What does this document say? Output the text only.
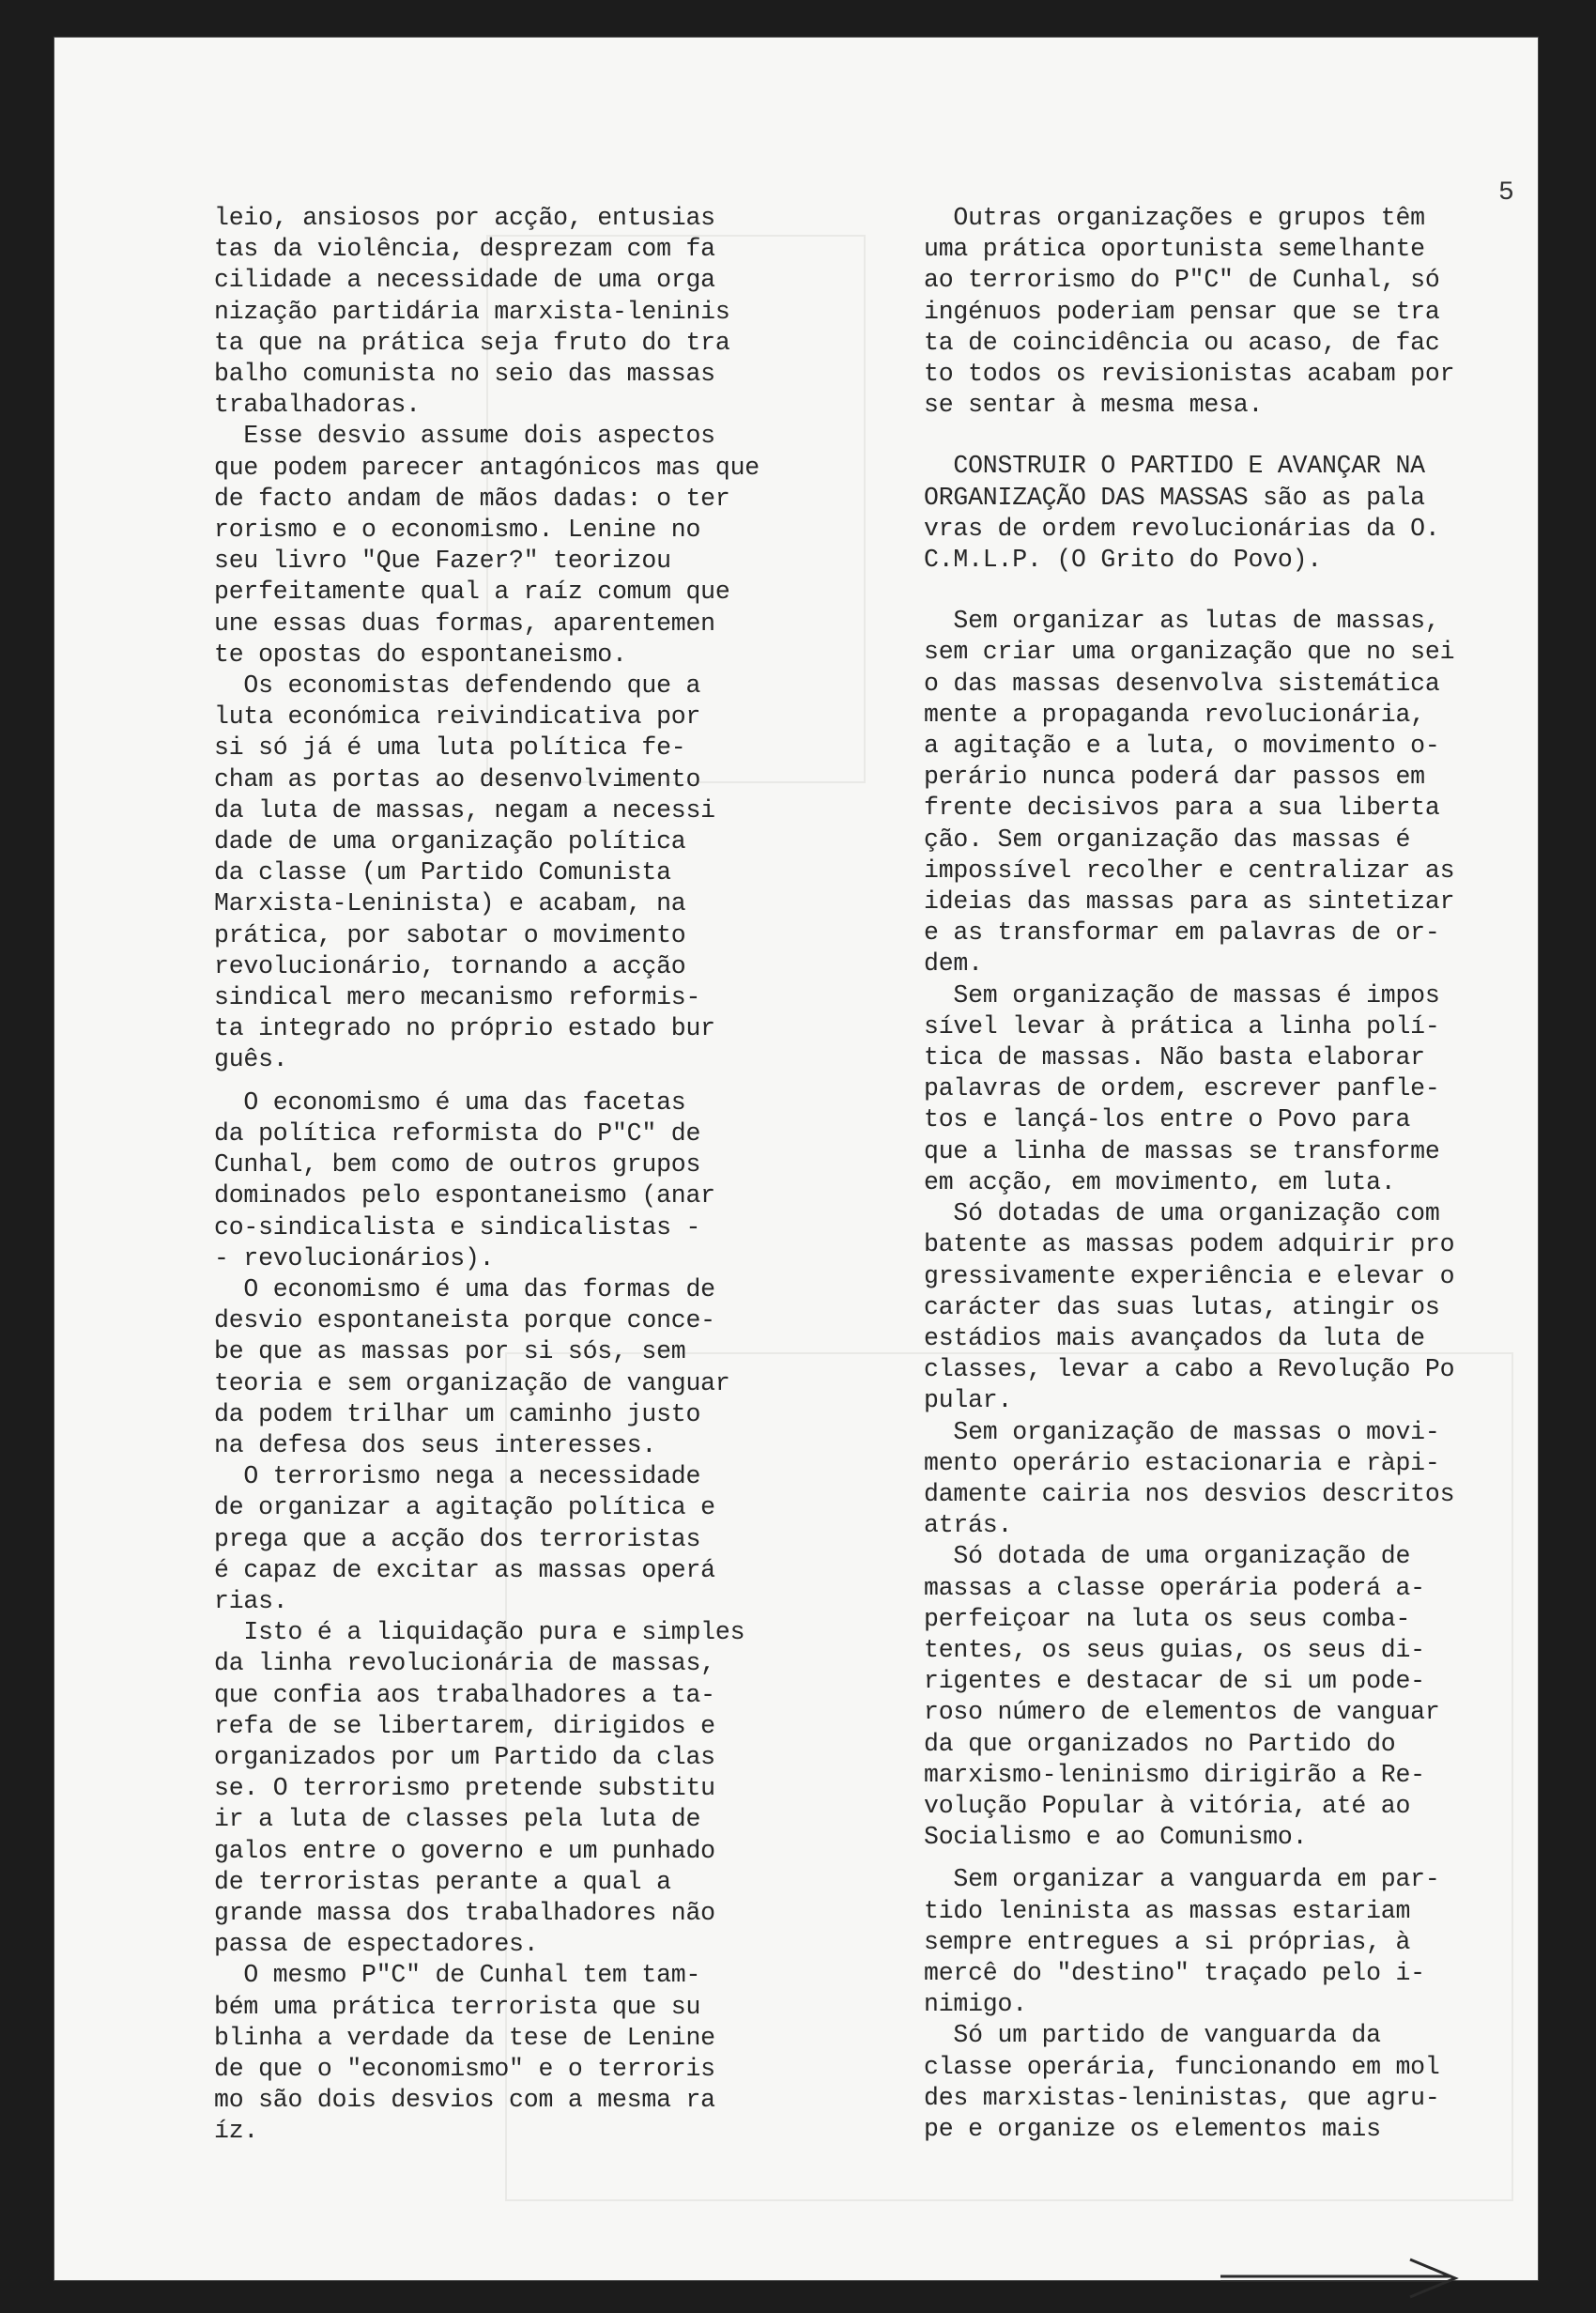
5

leio, ansiosos por acção, entusias

tas da violência, desprezam com fa

cilidade a necessidade de uma orga

nização partidária marxista-leninis

ta que na prática seja fruto do tra

balho comunista no seio das massas

trabalhadoras.

Esse desvio assume dois aspectos

que podem parecer antagónicos mas que

de facto andam de mãos dadas: o ter

rorismo e o economismo. Lenine no

seu livro "Que Fazer?" teorizou

perfeitamente qual a raíz comum que

une essas duas formas, aparentemen

te opostas do espontaneismo.

Os economistas defendendo que a

luta económica reivindicativa por

si só já é uma luta política fe-

cham as portas ao desenvolvimento

da luta de massas, negam a necessi

dade de uma organização política

da classe (um Partido Comunista

Marxista-Leninista) e acabam, na

prática, por sabotar o movimento

revolucionário, tornando a acção

sindical mero mecanismo reformis-

ta integrado no próprio estado bur

guês.

O economismo é uma das facetas

da política reformista do P"C" de

Cunhal, bem como de outros grupos

dominados pelo espontaneismo (anar

co-sindicalista e sindicalistas -

- revolucionários).

O economismo é uma das formas de

desvio espontaneista porque conce-

be que as massas por si sós, sem

teoria e sem organização de vanguar

da podem trilhar um caminho justo

na defesa dos seus interesses.

O terrorismo nega a necessidade

de organizar a agitação política e

prega que a acção dos terroristas

é capaz de excitar as massas operá

rias.

Isto é a liquidação pura e simples

da linha revolucionária de massas,

que confia aos trabalhadores a ta-

refa de se libertarem, dirigidos e

organizados por um Partido da clas

se. O terrorismo pretende substitu

ir a luta de classes pela luta de

galos entre o governo e um punhado

de terroristas perante a qual a

grande massa dos trabalhadores não

passa de espectadores.

O mesmo P"C" de Cunhal tem tam-

bém uma prática terrorista que su

blinha a verdade da tese de Lenine

de que o "economismo" e o terroris

mo são dois desvios com a mesma ra

íz.

Outras organizações e grupos têm

uma prática oportunista semelhante

ao terrorismo do P"C" de Cunhal, só

ingénuos poderiam pensar que se tra

ta de coincidência ou acaso, de fac

to todos os revisionistas acabam por

se sentar à mesma mesa.

CONSTRUIR O PARTIDO E AVANÇAR NA

ORGANIZAÇÃO DAS MASSAS são as pala

vras de ordem revolucionárias da O.

C.M.L.P. (O Grito do Povo).

Sem organizar as lutas de massas,

sem criar uma organização que no sei

o das massas desenvolva sistemática

mente a propaganda revolucionária,

a agitação e a luta, o movimento o-

perário nunca poderá dar passos em

frente decisivos para a sua liberta

ção. Sem organização das massas é

impossível recolher e centralizar as

ideias das massas para as sintetizar

e as transformar em palavras de or-

dem.

Sem organização de massas é impos

sível levar à prática a linha polí-

tica de massas. Não basta elaborar

palavras de ordem, escrever panfle-

tos e lançá-los entre o Povo para

que a linha de massas se transforme

em acção, em movimento, em luta.

Só dotadas de uma organização com

batente as massas podem adquirir pro

gressivamente experiência e elevar o

carácter das suas lutas, atingir os

estádios mais avançados da luta de

classes, levar a cabo a Revolução Po

pular.

Sem organização de massas o movi-

mento operário estacionaria e ràpi-

damente cairia nos desvios descritos

atrás.

Só dotada de uma organização de

massas a classe operária poderá a-

perfeiçoar na luta os seus comba-

tentes, os seus guias, os seus di-

rigentes e destacar de si um pode-

roso número de elementos de vanguar

da que organizados no Partido do

marxismo-leninismo dirigirão a Re-

volução Popular à vitória, até ao

Socialismo e ao Comunismo.

Sem organizar a vanguarda em par-

tido leninista as massas estariam

sempre entregues a si próprias, à

mercê do "destino" traçado pelo i-

nimigo.

Só um partido de vanguarda da

classe operária, funcionando em mol

des marxistas-leninistas, que agru-

pe e organize os elementos mais
